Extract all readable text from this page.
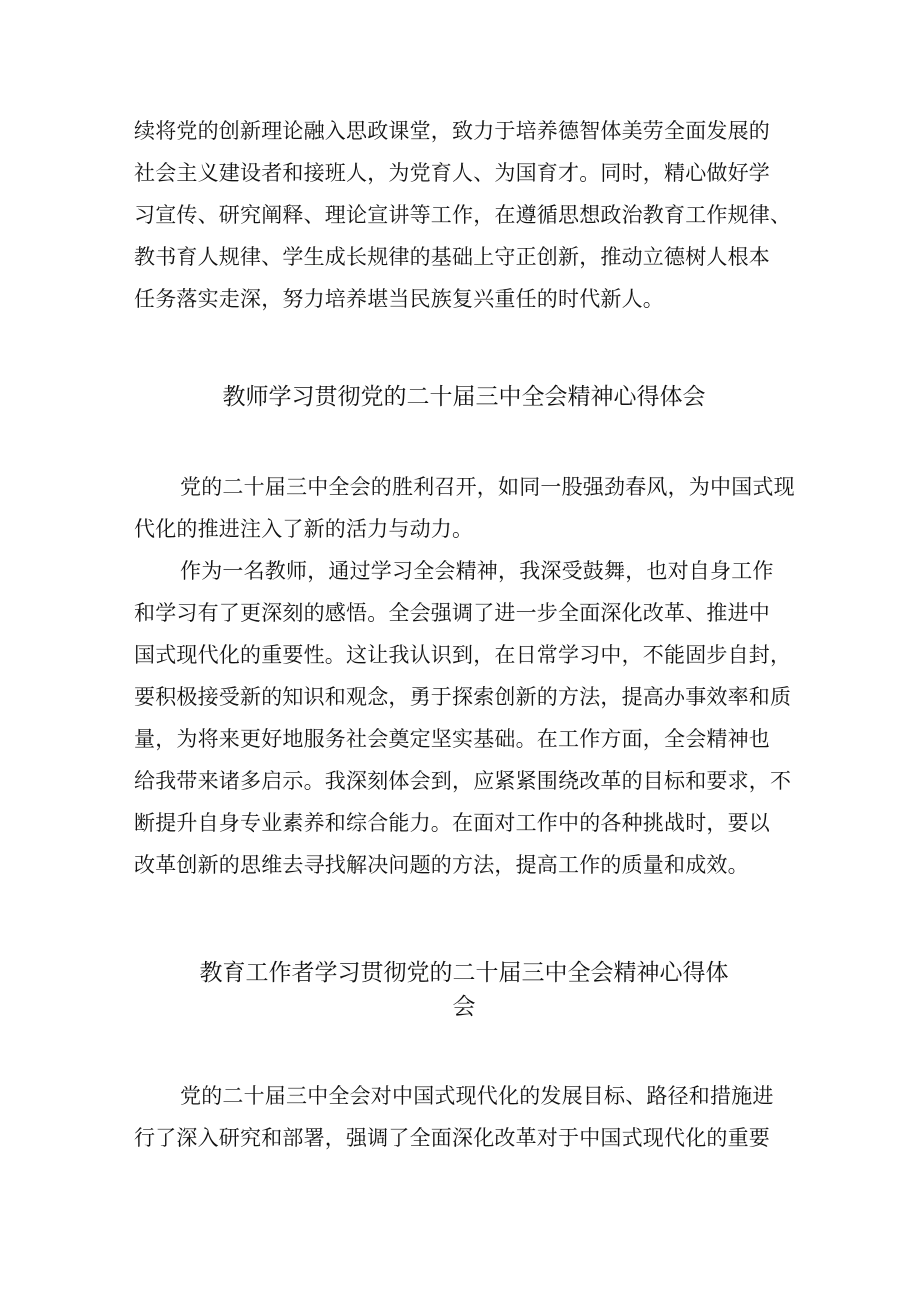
续将党的创新理论融入思政课堂，致力于培养德智体美劳全面发展的
社会主义建设者和接班人，为党育人、为国育才。同时，精心做好学
习宣传、研究阐释、理论宣讲等工作，在遵循思想政治教育工作规律、
教书育人规律、学生成长规律的基础上守正创新，推动立德树人根本
任务落实走深，努力培养堪当民族复兴重任的时代新人。

教师学习贯彻党的二十届三中全会精神心得体会

党的二十届三中全会的胜利召开，如同一股强劲春风，为中国式现
代化的推进注入了新的活力与动力。

作为一名教师，通过学习全会精神，我深受鼓舞，也对自身工作
和学习有了更深刻的感悟。全会强调了进一步全面深化改革、推进中
国式现代化的重要性。这让我认识到，在日常学习中，不能固步自封，
要积极接受新的知识和观念，勇于探索创新的方法，提高办事效率和质
量，为将来更好地服务社会奠定坚实基础。在工作方面，全会精神也
给我带来诸多启示。我深刻体会到，应紧紧围绕改革的目标和要求，不
断提升自身专业素养和综合能力。在面对工作中的各种挑战时，要以
改革创新的思维去寻找解决问题的方法，提高工作的质量和成效。

教育工作者学习贯彻党的二十届三中全会精神心得体
会

党的二十届三中全会对中国式现代化的发展目标、路径和措施进
行了深入研究和部署，强调了全面深化改革对于中国式现代化的重要
